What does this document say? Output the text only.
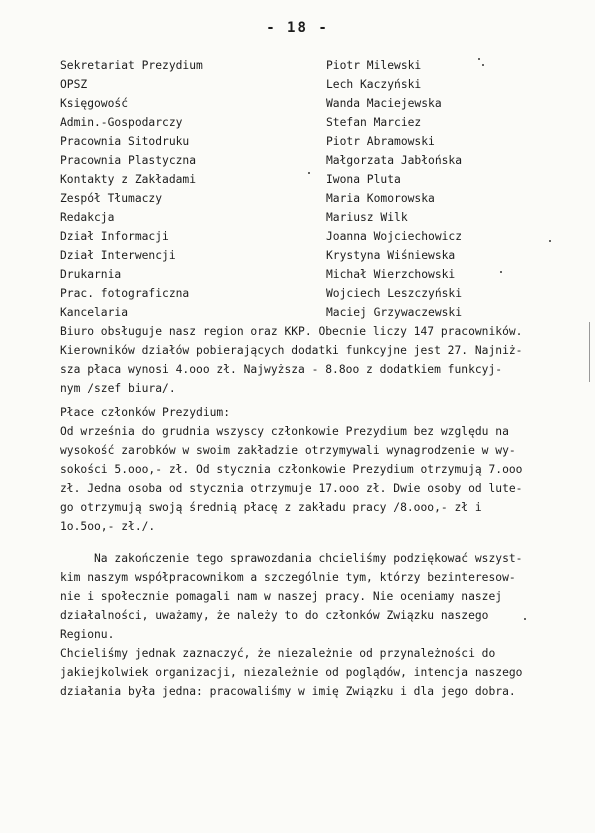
- 18 -
Sekretariat Prezydium	Piotr Milewski
OPSZ	Lech Kaczyński
Księgowość	Wanda Maciejewska
Admin.-Gospodarczy	Stefan Marciez
Pracownia Sitodruku	Piotr Abramowski
Pracownia Plastyczna	Małgorzata Jabłońska
Kontakty z Zakładami	Iwona Pluta
Zespół Tłumaczy	Maria Komorowska
Redakcja	Mariusz Wilk
Dział Informacji	Joanna Wojciechowicz
Dział Interwencji	Krystyna Wiśniewska
Drukarnia	Michał Wierzchowski
Prac. fotograficzna	Wojciech Leszczyński
Kancelaria	Maciej Grzywaczewski
Biuro obsługuje nasz region oraz KKP. Obecnie liczy 147 pracowników.
Kierowników działów pobierających dodatki funkcyjne jest 27. Najniż-
sza płaca wynosi 4.ooo zł. Najwyższa - 8.8oo z dodatkiem funkcyj-
nym /szef biura/.
Płace członków Prezydium:
Od września do grudnia wszyscy członkowie Prezydium bez względu na
wysokość zarobków w swoim zakładzie otrzymywali wynagrodzenie w wy-
sokości 5.ooo,- zł. Od stycznia członkowie Prezydium otrzymują 7.ooo
zł. Jedna osoba od stycznia otrzymuje 17.ooo zł. Dwie osoby od lute-
go otrzymują swoją średnią płacę z zakładu pracy /8.ooo,- zł i
1o.5oo,- zł./.
Na zakończenie tego sprawozdania chcieliśmy podziękować wszyst-
kim naszym współpracownikom a szczególnie tym, którzy bezinteresow-
nie i społecznie pomagali nam w naszej pracy. Nie oceniamy naszej
działalności, uważamy, że należy to do członków Związku naszego
Regionu.
Chcieliśmy jednak zaznaczyć, że niezależnie od przynależności do
jakiejkolwiek organizacji, niezależnie od poglądów, intencja naszego
działania była jedna: pracowaliśmy w imię Związku i dla jego dobra.
